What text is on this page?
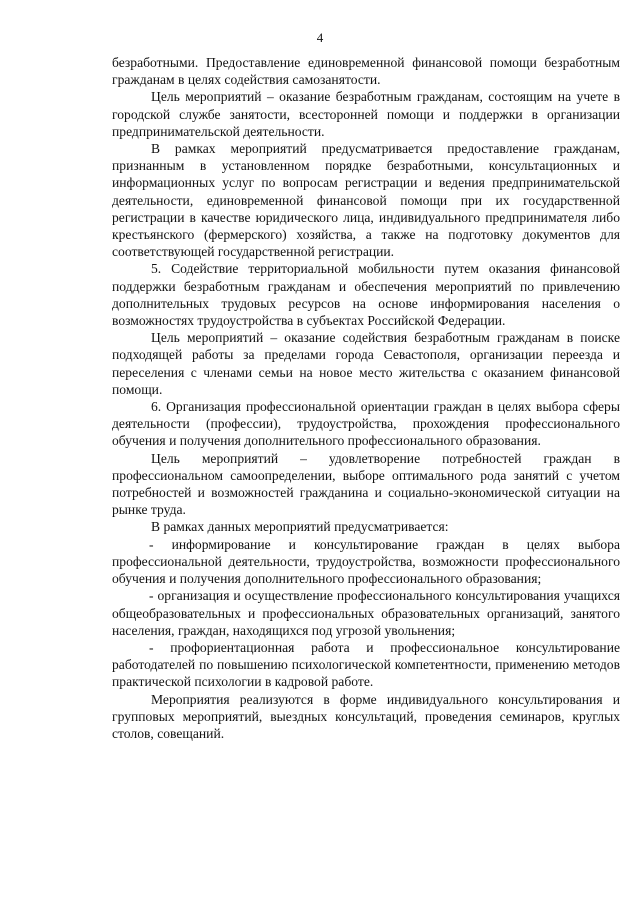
4

безработными. Предоставление единовременной финансовой помощи безработным гражданам в целях содействия самозанятости.

Цель мероприятий – оказание безработным гражданам, состоящим на учете в городской службе занятости, всесторонней помощи и поддержки в организации предпринимательской деятельности.

В рамках мероприятий предусматривается предоставление гражданам, признанным в установленном порядке безработными, консультационных и информационных услуг по вопросам регистрации и ведения предпринимательской деятельности, единовременной финансовой помощи при их государственной регистрации в качестве юридического лица, индивидуального предпринимателя либо крестьянского (фермерского) хозяйства, а также на подготовку документов для соответствующей государственной регистрации.

5. Содействие территориальной мобильности путем оказания финансовой поддержки безработным гражданам и обеспечения мероприятий по привлечению дополнительных трудовых ресурсов на основе информирования населения о возможностях трудоустройства в субъектах Российской Федерации.

Цель мероприятий – оказание содействия безработным гражданам в поиске подходящей работы за пределами города Севастополя, организации переезда и переселения с членами семьи на новое место жительства с оказанием финансовой помощи.

6. Организация профессиональной ориентации граждан в целях выбора сферы деятельности (профессии), трудоустройства, прохождения профессионального обучения и получения дополнительного профессионального образования.

Цель мероприятий – удовлетворение потребностей граждан в профессиональном самоопределении, выборе оптимального рода занятий с учетом потребностей и возможностей гражданина и социально-экономической ситуации на рынке труда.

В рамках данных мероприятий предусматривается:

- информирование и консультирование граждан в целях выбора профессиональной деятельности, трудоустройства, возможности профессионального обучения и получения дополнительного профессионального образования;

- организация и осуществление профессионального консультирования учащихся общеобразовательных и профессиональных образовательных организаций, занятого населения, граждан, находящихся под угрозой увольнения;

- профориентационная работа и профессиональное консультирование работодателей по повышению психологической компетентности, применению методов практической психологии в кадровой работе.

Мероприятия реализуются в форме индивидуального консультирования и групповых мероприятий, выездных консультаций, проведения семинаров, круглых столов, совещаний.
